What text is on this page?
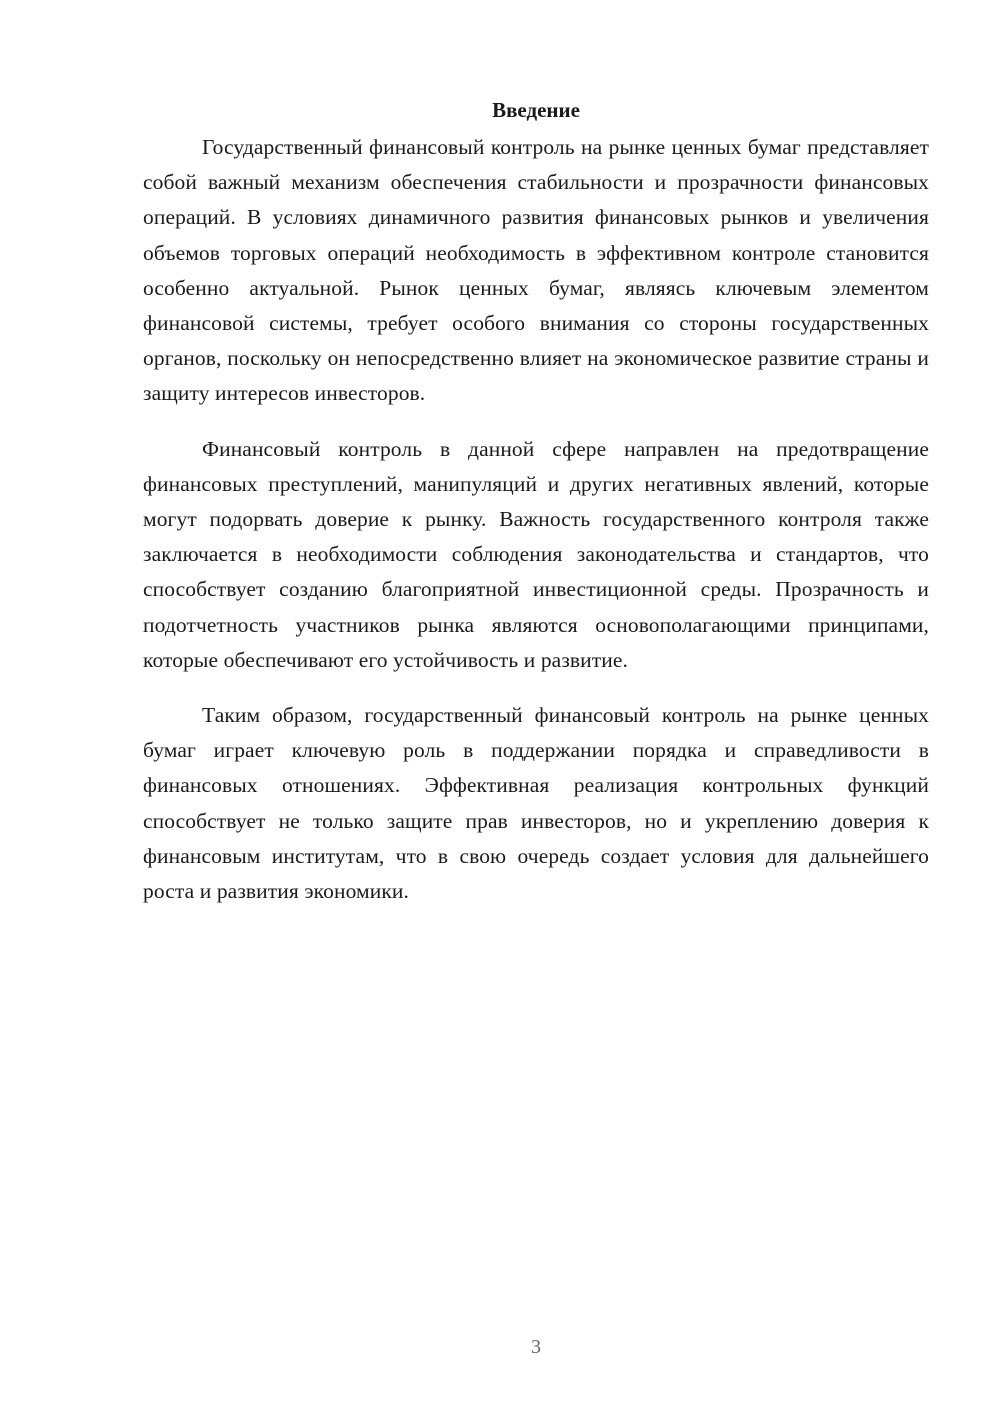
Введение

Государственный финансовый контроль на рынке ценных бумаг представляет собой важный механизм обеспечения стабильности и прозрачности финансовых операций. В условиях динамичного развития финансовых рынков и увеличения объемов торговых операций необходимость в эффективном контроле становится особенно актуальной. Рынок ценных бумаг, являясь ключевым элементом финансовой системы, требует особого внимания со стороны государственных органов, поскольку он непосредственно влияет на экономическое развитие страны и защиту интересов инвесторов.

Финансовый контроль в данной сфере направлен на предотвращение финансовых преступлений, манипуляций и других негативных явлений, которые могут подорвать доверие к рынку. Важность государственного контроля также заключается в необходимости соблюдения законодательства и стандартов, что способствует созданию благоприятной инвестиционной среды. Прозрачность и подотчетность участников рынка являются основополагающими принципами, которые обеспечивают его устойчивость и развитие.

Таким образом, государственный финансовый контроль на рынке ценных бумаг играет ключевую роль в поддержании порядка и справедливости в финансовых отношениях. Эффективная реализация контрольных функций способствует не только защите прав инвесторов, но и укреплению доверия к финансовым институтам, что в свою очередь создает условия для дальнейшего роста и развития экономики.

3
